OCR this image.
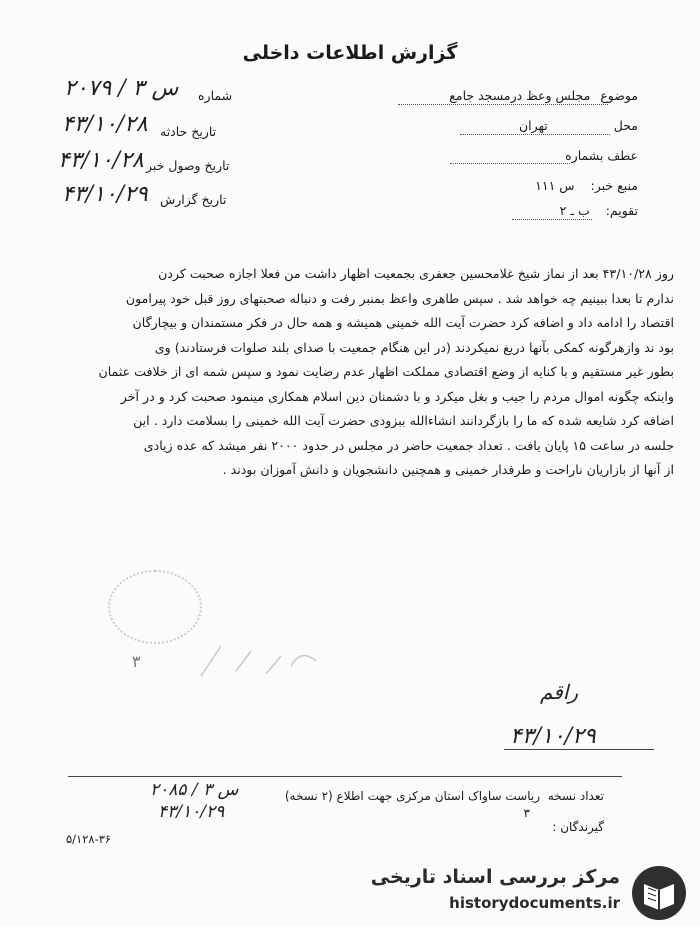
گزارش اطلاعات داخلی
موضوع مجلس وعظ درمسجد جامع
محل تهران
عطف بشماره
منبع خبر: س ۱۱۱
تقویم: ب ـ ۲
شماره
۲۰۷۹ / س ۳
تاریخ حادثه
۴۳/۱۰/۲۸
تاریخ وصول خبر
۴۳/۱۰/۲۸
تاریخ گزارش
۴۳/۱۰/۲۹

روز ۴۳/۱۰/۲۸ بعد از نماز شیخ غلامحسین جعفری بجمعیت اظهار داشت من فعلا اجازه صحبت کردن

ندارم تا بعدا ببینیم چه خواهد شد . سپس طاهری واعظ بمنبر رفت و دنباله صحبتهای روز قبل خود پیرامون

اقتصاد را ادامه داد و اضافه کرد حضرت آیت الله خمینی همیشه و همه حال در فکر مستمندان و بیچارگان

بود ند وازهرگونه کمکی بآنها دریغ نمیکردند (در این هنگام جمعیت با صدای بلند صلوات فرستادند) وی

بطور غیر مستقیم و با کنایه از وضع اقتصادی مملکت اظهار عدم رضایت نمود و سپس شمه ای از خلافت عثمان

واینکه چگونه اموال مردم را جیب و بغل میکرد و با دشمنان دین اسلام همکاری مینمود صحبت کرد و در آخر

اضافه کرد شایعه شده که ما را بازگردانند انشاءالله ببزودی حضرت آیت الله خمینی را بسلامت دارد . این

جلسه در ساعت ۱۵ پایان یافت . تعداد جمعیت حاضر در مجلس در حدود ۲۰۰۰ نفر میشد که عده زیادی

از آنها از بازاریان ناراحت و طرفدار خمینی و همچنین دانشجویان و دانش آموزان بودند .

۳
راقم
۴۳/۱۰/۲۹
تعداد نسخه ریاست ساواک استان مرکزی جهت اطلاع (۲ نسخه)
۳
گیرندگان :
۲۰۸۵ / س ۳
۴۳/۱۰/۲۹
۵/۱۲۸-۳۶
مرکز بررسی اسناد تاریخی
historydocuments.ir
